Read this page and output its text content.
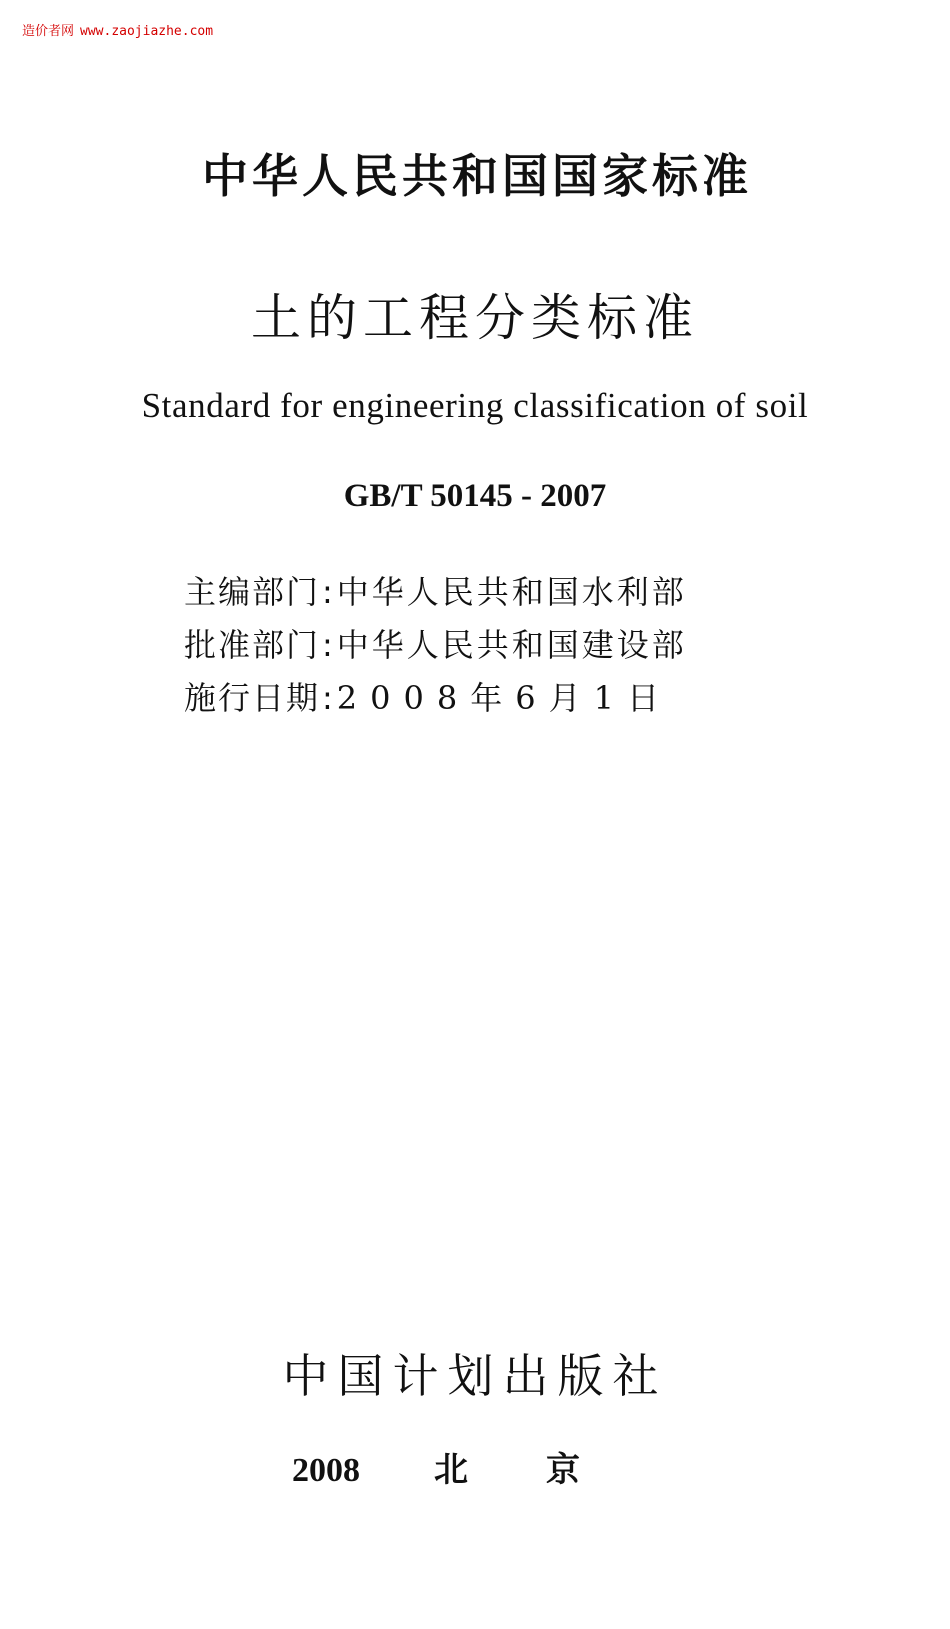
造价者网 www.zaojiazhe.com
中华人民共和国国家标准
土的工程分类标准
Standard for engineering classification of soil
GB/T 50145 - 2007
主编部门: 中华人民共和国水利部
批准部门: 中华人民共和国建设部
施行日期: 2008年6月1日
中国计划出版社
2008 北京
